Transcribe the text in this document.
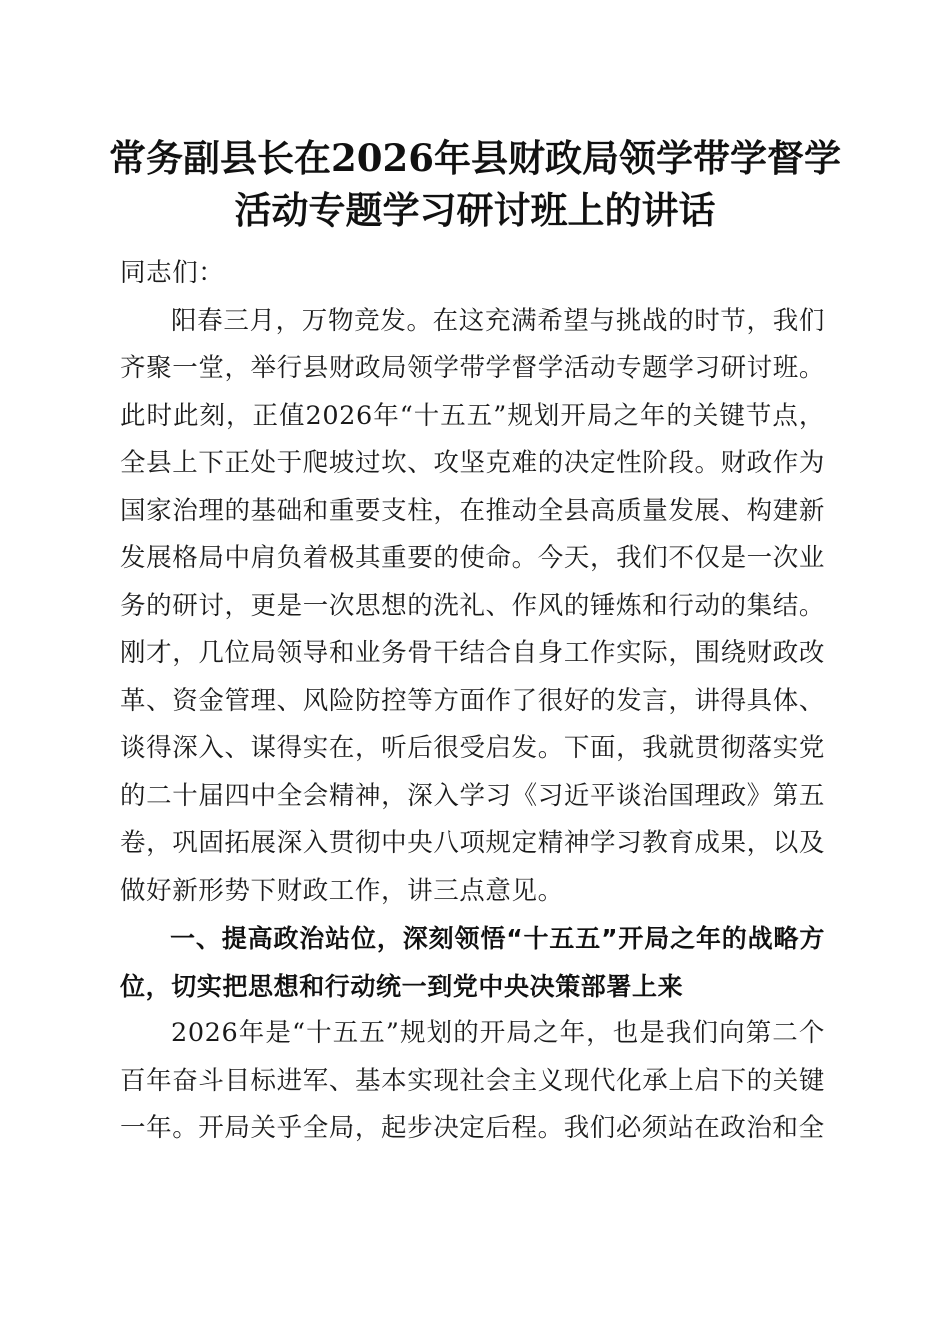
常务副县长在2026年县财政局领学带学督学
活动专题学习研讨班上的讲话

同志们：

阳春三月，万物竞发。在这充满希望与挑战的时节，我们齐聚一堂，举行县财政局领学带学督学活动专题学习研讨班。此时此刻，正值2026年“十五五”规划开局之年的关键节点，全县上下正处于爬坡过坎、攻坚克难的决定性阶段。财政作为国家治理的基础和重要支柱，在推动全县高质量发展、构建新发展格局中肩负着极其重要的使命。今天，我们不仅是一次业务的研讨，更是一次思想的洗礼、作风的锤炼和行动的集结。刚才，几位局领导和业务骨干结合自身工作实际，围绕财政改革、资金管理、风险防控等方面作了很好的发言，讲得具体、谈得深入、谋得实在，听后很受启发。下面，我就贯彻落实党的二十届四中全会精神，深入学习《习近平谈治国理政》第五卷，巩固拓展深入贯彻中央八项规定精神学习教育成果，以及做好新形势下财政工作，讲三点意见。

一、提高政治站位，深刻领悟“十五五”开局之年的战略方位，切实把思想和行动统一到党中央决策部署上来

2026年是“十五五”规划的开局之年，也是我们向第二个百年奋斗目标进军、基本实现社会主义现代化承上启下的关键一年。开局关乎全局，起步决定后程。我们必须站在政治和全
